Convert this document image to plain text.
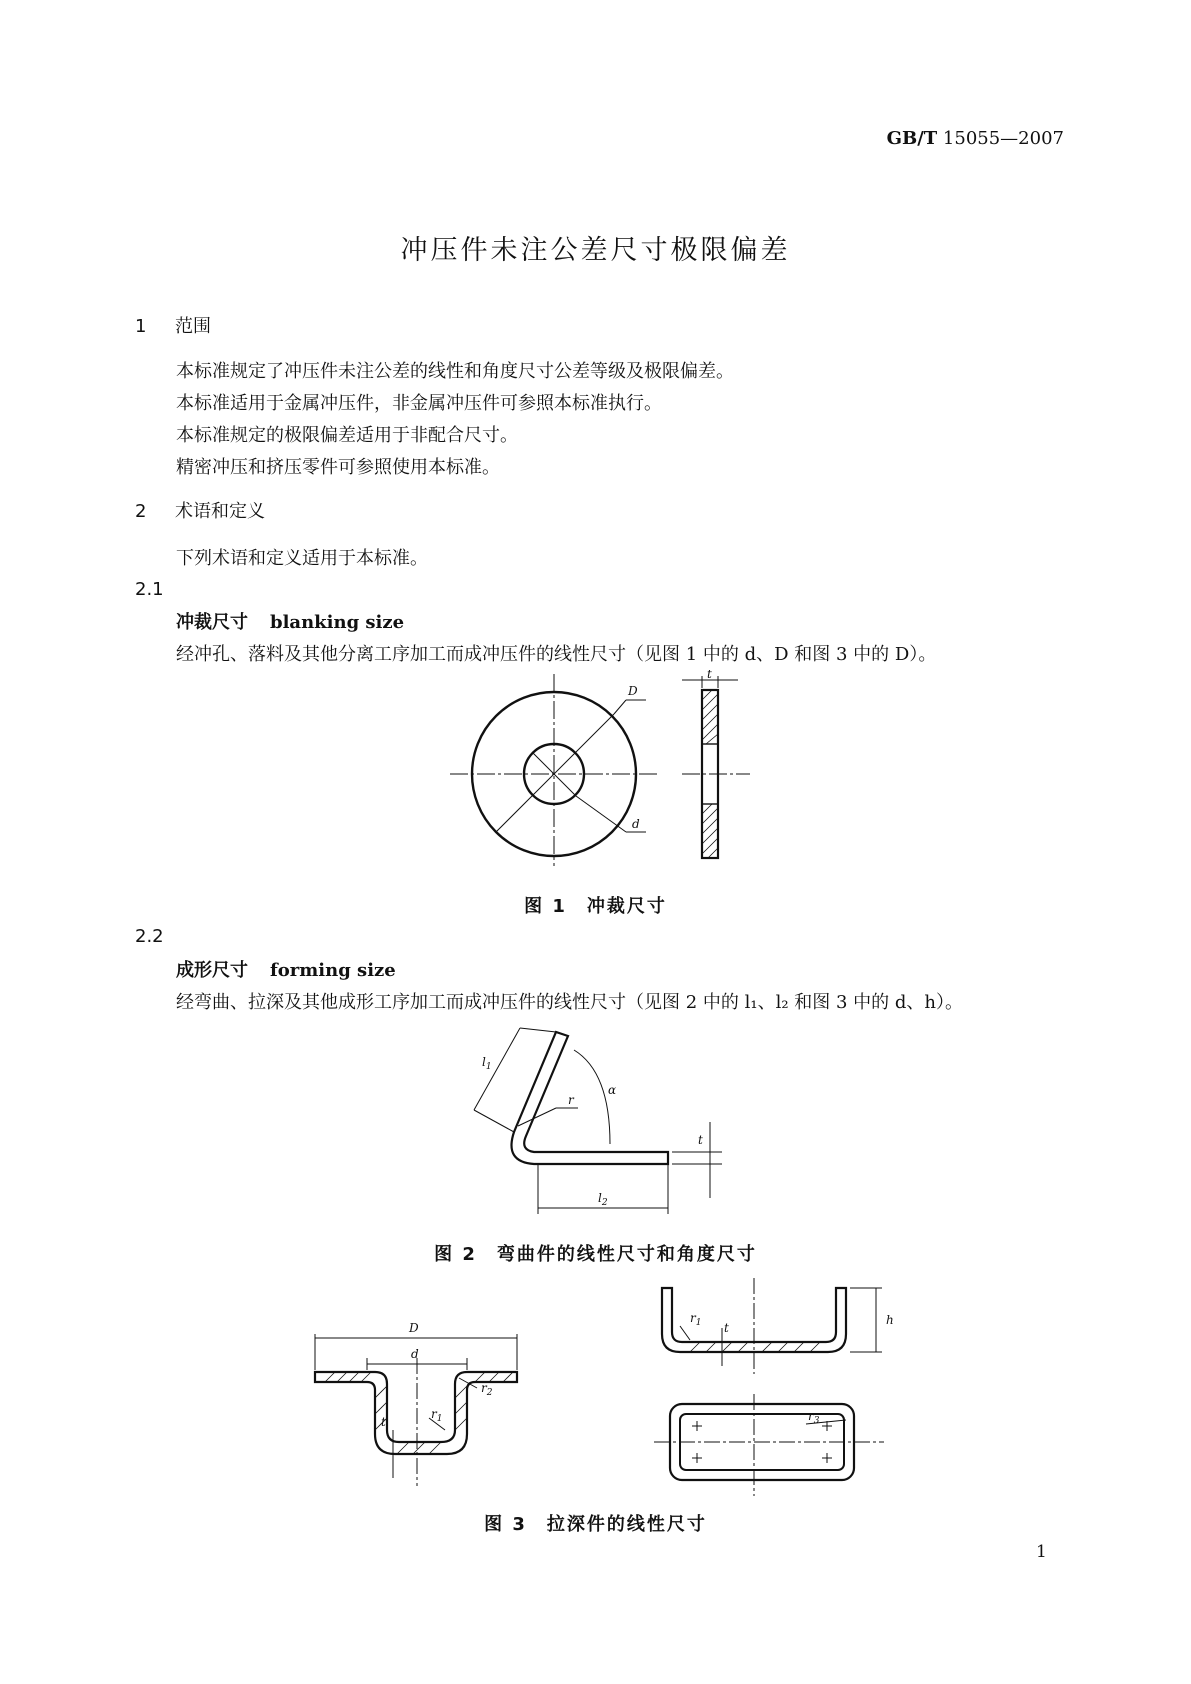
GB/T 15055—2007
冲压件未注公差尺寸极限偏差
1 范围
本标准规定了冲压件未注公差的线性和角度尺寸公差等级及极限偏差。
本标准适用于金属冲压件，非金属冲压件可参照本标准执行。
本标准规定的极限偏差适用于非配合尺寸。
精密冲压和挤压零件可参照使用本标准。
2 术语和定义
下列术语和定义适用于本标准。
2.1
冲裁尺寸 blanking size
经冲孔、落料及其他分离工序加工而成冲压件的线性尺寸（见图 1 中的 d、D 和图 3 中的 D）。
D
d
t
图 1　冲裁尺寸
2.2
成形尺寸 forming size
经弯曲、拉深及其他成形工序加工而成冲压件的线性尺寸（见图 2 中的 l₁、l₂ 和图 3 中的 d、h）。
$l_1$
$l_2$
r
α
t
图 2　弯曲件的线性尺寸和角度尺寸
D
d
t
$r_1$
$r_2$
$r_1$ t
h
$r_3$
图 3　拉深件的线性尺寸
1
